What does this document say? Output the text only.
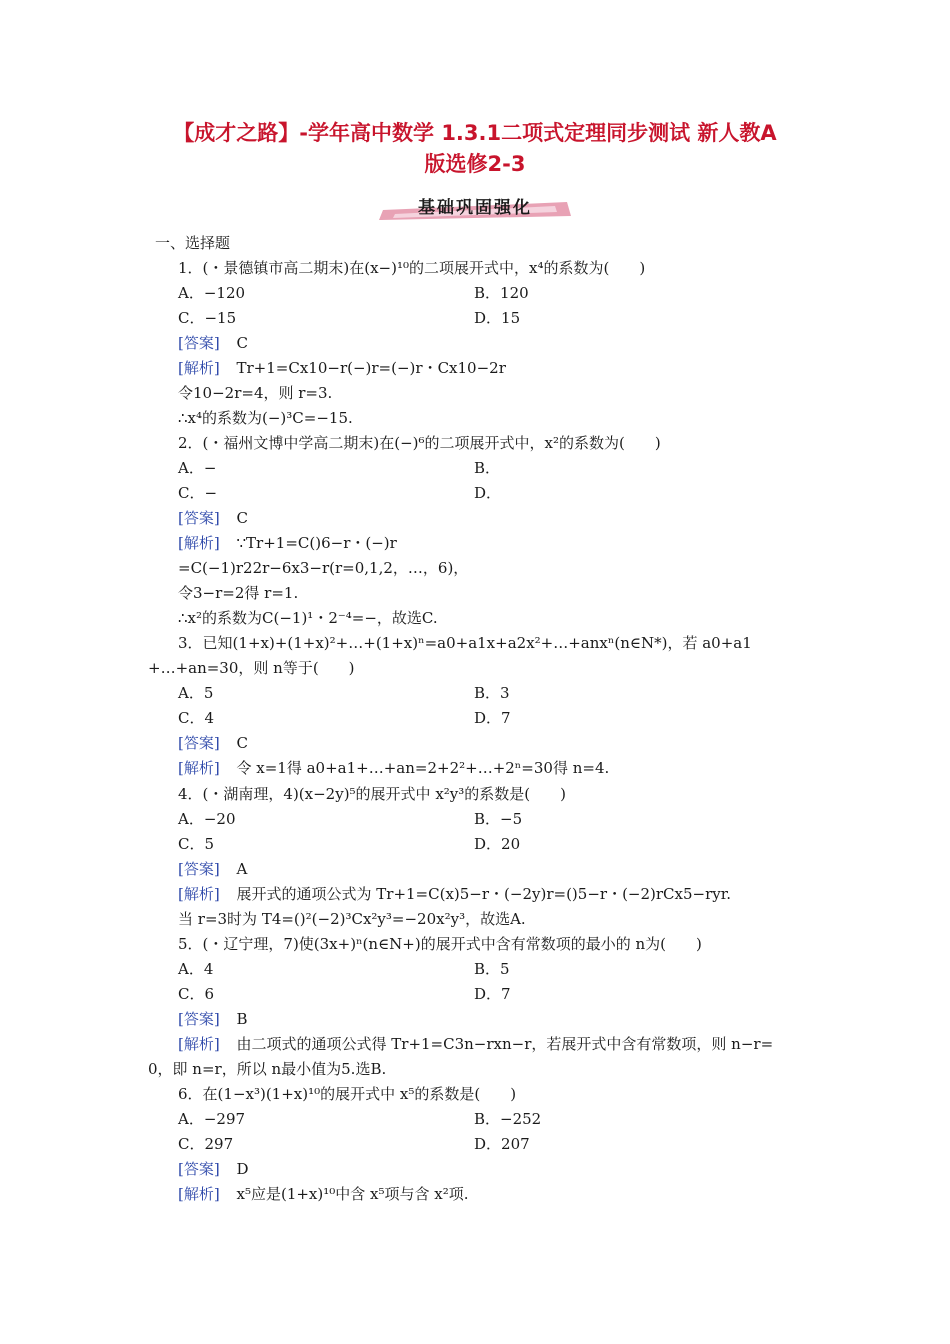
【成才之路】-学年高中数学 1.3.1二项式定理同步测试 新人教A
版选修2-3
基础巩固强化
一、选择题
1．(・景德镇市高二期末)在(x−)¹⁰的二项展开式中，x⁴的系数为(　　)
A．−120	B．120
C．−15	D．15
[答案] C
[解析] Tr+1=Cx10−r(−)r=(−)r・Cx10−2r
令10−2r=4，则 r=3.
∴x⁴的系数为(−)³C=−15.
2．(・福州文博中学高二期末)在(−)⁶的二项展开式中，x²的系数为(　　)
A．−	B．
C．−	D．
[答案] C
[解析] ∵Tr+1=C()6−r・(−)r
=C(−1)r22r−6x3−r(r=0,1,2，…，6)，
令3−r=2得 r=1.
∴x²的系数为C(−1)¹・2⁻⁴=−，故选C.
3．已知(1+x)+(1+x)²+…+(1+x)ⁿ=a0+a1x+a2x²+…+anxⁿ(n∈N*)，若 a0+a1
+…+an=30，则 n等于(　　)
A．5	B．3
C．4	D．7
[答案] C
[解析] 令 x=1得 a0+a1+…+an=2+2²+…+2ⁿ=30得 n=4.
4．(・湖南理，4)(x−2y)⁵的展开式中 x²y³的系数是(　　)
A．−20	B．−5
C．5	D．20
[答案] A
[解析] 展开式的通项公式为 Tr+1=C(x)5−r・(−2y)r=()5−r・(−2)rCx5−ryr.
当 r=3时为 T4=()²(−2)³Cx²y³=−20x²y³，故选A.
5．(・辽宁理，7)使(3x+)ⁿ(n∈N+)的展开式中含有常数项的最小的 n为(　　)
A．4	B．5
C．6	D．7
[答案] B
[解析] 由二项式的通项公式得 Tr+1=C3n−rxn−r，若展开式中含有常数项，则 n−r=
0，即 n=r，所以 n最小值为5.选B.
6．在(1−x³)(1+x)¹⁰的展开式中 x⁵的系数是(　　)
A．−297	B．−252
C．297	D．207
[答案] D
[解析] x⁵应是(1+x)¹⁰中含 x⁵项与含 x²项.
